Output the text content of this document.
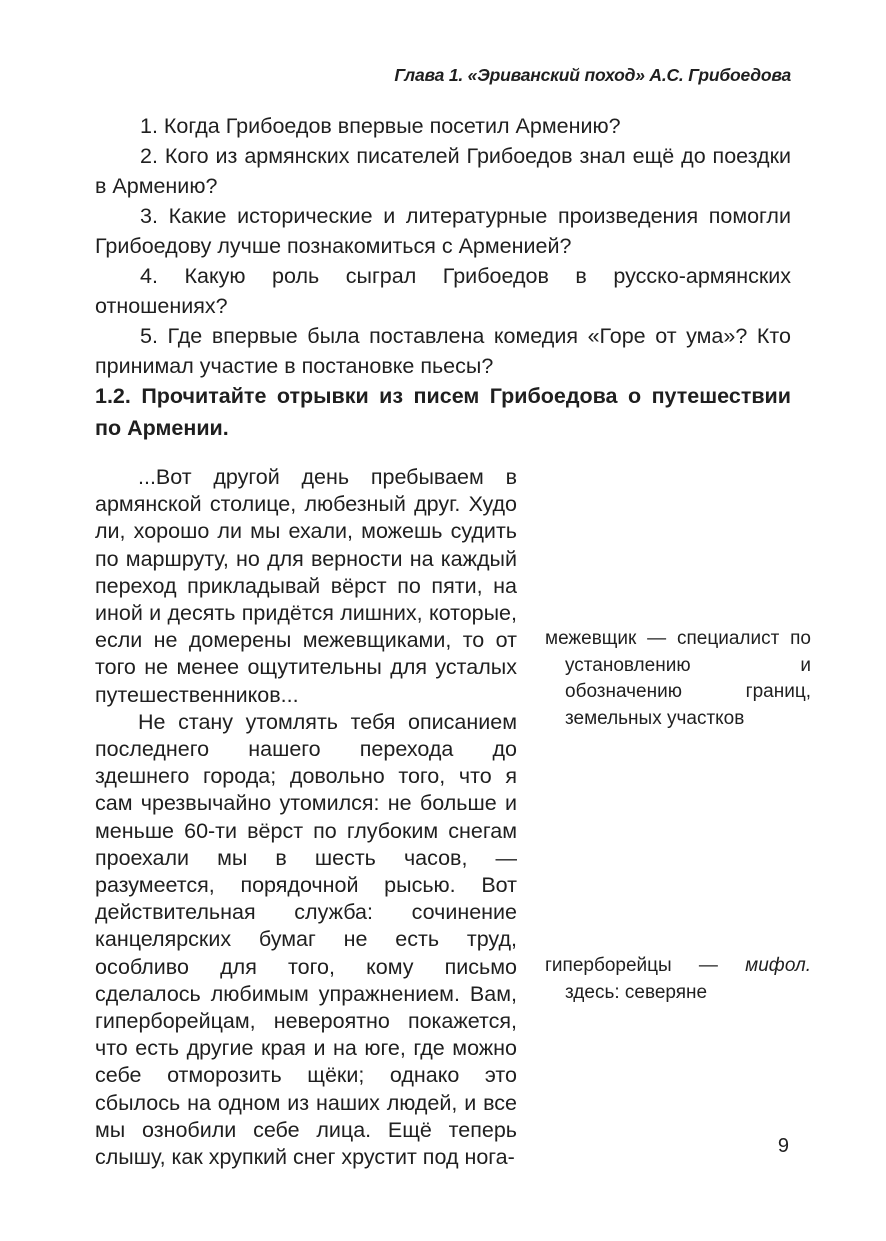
Глава 1. «Эриванский поход» А.С. Грибоедова

1. Когда Грибоедов впервые посетил Армению?

2. Кого из армянских писателей Грибоедов знал ещё до поездки в Армению?

3. Какие исторические и литературные произведения помогли Грибоедову лучше познакомиться с Арменией?

4. Какую роль сыграл Грибоедов в русско-армянских отношениях?

5. Где впервые была поставлена комедия «Горе от ума»? Кто принимал участие в постановке пьесы?

1.2. Прочитайте отрывки из писем Грибоедова о путешествии по Армении.

...Вот другой день пребываем в армянской столице, любезный друг. Худо ли, хорошо ли мы ехали, можешь судить по маршруту, но для верности на каждый переход прикладывай вёрст по пяти, на иной и десять придётся лишних, которые, если не домерены межевщиками, то от того не менее ощутительны для усталых путешественников...

Не стану утомлять тебя описанием последнего нашего перехода до здешнего города; довольно того, что я сам чрезвычайно утомился: не больше и меньше 60-ти вёрст по глубоким снегам проехали мы в шесть часов, — разумеется, порядочной рысью. Вот действительная служба: сочинение канцелярских бумаг не есть труд, особливо для того, кому письмо сделалось любимым упражнением. Вам, гиперборейцам, невероятно покажется, что есть другие края и на юге, где можно себе отморозить щёки; однако это сбылось на одном из наших людей, и все мы ознобили себе лица. Ещё теперь слышу, как хрупкий снег хрустит под нога-

межевщик — специалист по установлению и обозначению границ, земельных участков
гиперборейцы — мифол. здесь: северяне
9
